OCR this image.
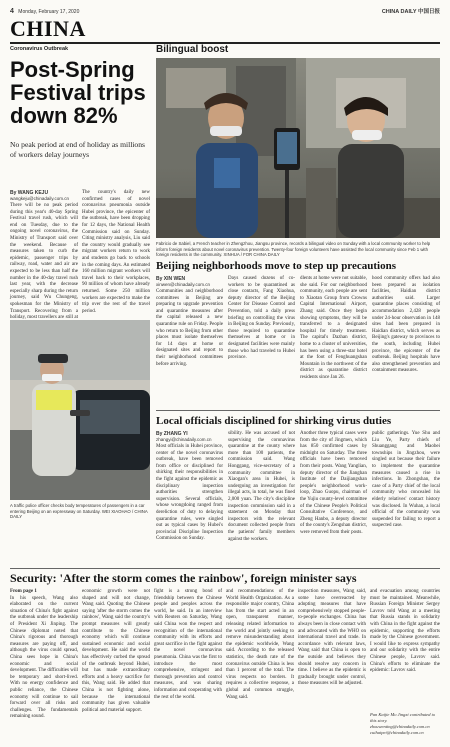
4 Monday, February 17, 2020	CHINA DAILY 中国日报
CHINA
Coronavirus Outbreak
Post-Spring Festival trips down 82%
No peak period at end of holiday as millions of workers delay journeys
By WANG KEJU
wangkeju@chinadaily.com.cn
There will be no peak period during this year's 40-day Spring Festival travel rush, which will end on Tuesday, due to the ongoing novel coronavirus, the Ministry of Transport said over the weekend. Because of measures taken to curb the epidemic, passenger trips by railway, road, water and air are expected to be less than half the number in the 40-day travel rush last year, with the decrease especially sharp during the return journey, said Wu Chungeng, spokesman for the Ministry of Transport. Recovering from a holiday, most travellers are still at
The country's daily new confirmed cases of novel coronavirus pneumonia outside Hubei province, the epicenter of the outbreak, have been dropping for 12 days, the National Health Commission said on Sunday. Citing ministry analysis, Liu said the country would gradually see migrant workers return to work and students go back to schools in the coming days. An estimated 160 million migrant workers will travel back to their workplaces, 90 million of whom have already returned. Some 250 million workers are expected to make the trip over the rest of the travel period.
Bilingual boost
Fabricio de Sabiel, a French teacher in Zhengzhou, Jiangsu province, records a bilingual video on Sunday with a local community worker to help inform foreign residents about novel coronavirus prevention. Twenty-four foreign volunteers have assisted the local community since Feb 1 with foreign residents in the community. XINHUA / FOR CHINA DAILY
Beijing neighborhoods move to step up precautions
By XIN WEN
xinwen@chinadaily.com.cn
Communities and neighborhood committees in Beijing are preparing to upgrade prevention and quarantine measures after the capital released a new quarantine rule on Friday. People who return to Beijing from other places must isolate themselves for 14 days at home or designated sites and report to their neighborhood committees before arriving.
Days caused dozens of co-workers to be quarantined as close contacts, Fang Xiaohua, deputy director of the Beijing Center for Disease Control and Prevention, told a daily press briefing on controlling the virus in Beijing on Sunday. Previously, those required to quarantine themselves at home or in designated facilities were mainly those who had traveled to Hubei province.
dlents at home were not suitable, she said. For our neighborhood community, each people are sent to Xiaotan Group from Crowns Capital International Airport, Zhang said. Once they begin showing symptoms, they will be transferred to a designated hospital for timely treatment. The capital's Dazhan district, home to a cluster of universities, has been using a three-star hotel at the foot of Fenghuangshan Mountain in the northwest of the district as quarantine district residents since Jan 26.
hood community offers had also been prepared as isolation facilities, Haidian district authorities said. Larger quarantine places consisting of accommodation 2,428 people under 24-hour observation in 148 sites had been prepared in Haidian district, which serves as Beijing's gateway to provinces to the south, including Hubei province, the epicenter of the outbreak. Beijing hospitals have also strengthened prevention and containment measures.
A traffic police officer checks body temperatures of passengers in a car entering Beijing on an expressway on Saturday. WEI XIAOHAO / CHINA DAILY
Local officials disciplined for shirking virus duties
By ZHANG YI
zhangyi@chinadaily.com.cn
Most officials in Hubei province, center of the novel coronavirus outbreak, have been removed from office or disciplined for shirking their responsibilities in the fight against the epidemic as disciplinary inspection authorities strengthen supervision. Several officials, whose wrongdoing ranged from dereliction of duty to delaying quarantine rules, were singled out as typical cases by Hubei's provincial Discipline Inspection Commission on Sunday.
sibility. He was accused of not supervising the coronavirus quarantine at the county where more than 100 patients, the commission said. Wang Honggang, vice-secretary of a community committee in Xiaogan's area in Hubei, is undergoing an investigation for illegal acts, in total, he was fined 2,000 yuan. The city's discipline inspection commission said in a statement on Monday that inspectors with the relevant document collected people from the patients' family members against the workers.
Another three typical cases were from the city of Jingmen, which has 850 confirmed cases by midnight on Saturday. The three officials have been removed from their posts. Wang Yanglian, deputy director of the Jianghan Institute of the Daijiangshan people's neighborhood work-loop, Zhao Guopu, chairman of the Yujiu county-level committee of the Chinese People's Political Consultative Conference, and Zheng Hanbo, a deputy director of the county's Zengshan district, were removed from their posts.
public gatherings. Yue Shu and Liu Ye, Party chiefs of Shuanggang and Maobei townships in Jingzhou, were singled out because their failure to implement the quarantine measures caused a rise in infections. In Zhongshan, the case of a Party chief of the local community who concealed his elderly relatives' contact history was disclosed. In Wuhan, a local official of the community was suspended for failing to report a suspected case.
Security: 'After the storm comes the rainbow', foreign minister says
From page 1
In his speech, Wang also elaborated on the current situation of China's fight against the outbreak under the leadership of President Xi Jinping. The Chinese diplomat noted that China's rigorous and thorough measures are paying off, and although the virus could spread, China sees hope in China's economic and social development. The difficulties will be temporary and short-lived. With no energy confidence and public reliance, the Chinese economy will continue to sail forward over all risks and challenges. The fundamentals remaining sound.
economic growth were not shaped and will not change, Wang said. Quoting the Chinese saying 'after the storm comes the rainbow', Wang said the country's prompt measures will greatly contribute to the Chinese economy which will continue sustained economic and social development. He said the world has effectively curbed the spread of the outbreak beyond Hubei, but has made extraordinary efforts and a heavy sacrifice for this, Wang said. He added that China is not fighting alone, because the international community has given valuable political and material support.
fight is a strong bond of friendship between the Chinese people and peoples across the world, he said. In an interview with Reuters on Saturday, Wang said China won the respect and recognition of the international community with its efforts and great sacrifice in the fight against the novel coronavirus pneumonia. China was the first to introduce the most comprehensive, stringent and thorough prevention and control measures, and was sharing information and cooperating with the rest of the world.
and recommendations of the World Health Organization. As a responsible major country, China has from the start acted in an open, transparent manner, releasing related information to the world and jointly seeking to remove misunderstanding about the epidemic worldwide, Wang said. According to the released statistics, the death rate of the coronavirus outside China is less than 1 percent of the total. The virus respects no borders. It requires a collective response, a global and common struggle, Wang said.
inspection measures, Wang said, some have overreacted by adopting measures that have comprehensively stopped people-to-people exchanges. China has always been in close contact with and advocated with the WHO on international travel and trade. In accordance with relevant laws, Wang said that China is open to the outside and believes they should resolve any concern in time. I believe as the epidemic is gradually brought under control, those measures will be adjusted.
and evacuation among countries must be maintained. Meanwhile, Russian Foreign Minister Sergey Lavrov told Wang at a meeting that Russia stands in solidarity with China in the fight against the epidemic, supporting the efforts made by the Chinese government. I would like to express sympathy and our solidarity with the entire Chinese people, Lavrov said. China's efforts to eliminate the epidemic: Lavrov said.
Pan Kaijie Mo Jingxi contributed to this story.
zhouwenting@chinadaily.com.cn
cuihaipei@chinadaily.com.cn
